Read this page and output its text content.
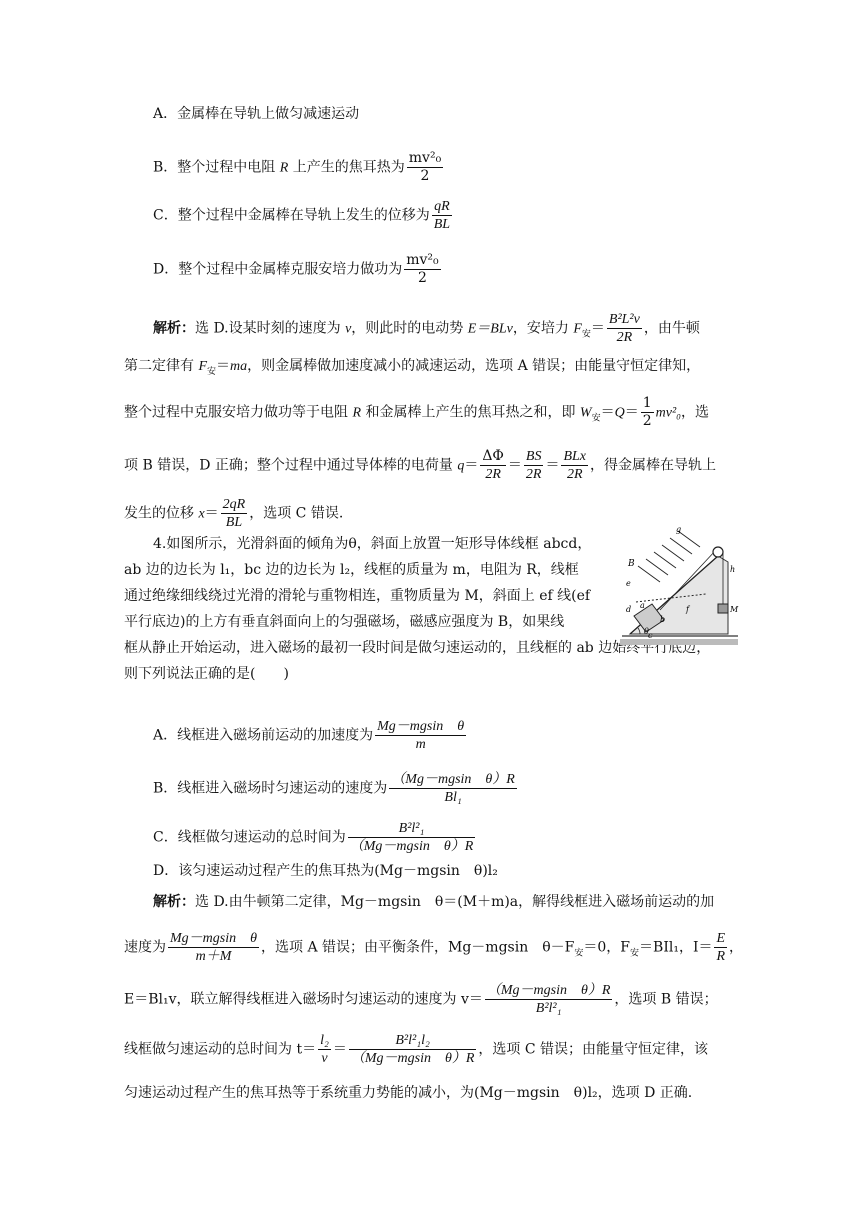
A．金属棒在导轨上做匀减速运动
B．整个过程中电阻 R 上产生的焦耳热为 $\frac{\text{mv²₀}}{2}$
C．整个过程中金属棒在导轨上发生的位移为 $\frac{qR}{BL}$
D．整个过程中金属棒克服安培力做功为 $\frac{\text{mv²₀}}{2}$
解析：选 D.设某时刻的速度为 v，则此时的电动势 E＝BLv，安培力 $F_安= \frac{\text{B²L²v}}{2R}$ ，由牛顿
第二定律有 $F_安=ma$，则金属棒做加速度减小的减速运动，选项 A 错误；由能量守恒定律知，
整个过程中克服安培力做功等于电阻 R 和金属棒上产生的焦耳热之和，即 $W_安=Q= \frac{1}{2} mv^2_0$，选
项 B 错误，D 正确；整个过程中通过导体棒的电荷量 $q= \frac{\Delta\Phi}{2R} = \frac{BS}{2R} = \frac{\text{BLx}}{2R}$ ，得金属棒在导轨上
发生的位移 $x= \frac{2qR}{BL}$ ，选项 C 错误.
4.如图所示，光滑斜面的倾角为θ，斜面上放置一矩形导体线框 abcd，
ab 边的边长为 l₁，bc 边的边长为 l₂，线框的质量为 m，电阻为 R，线框
通过绝缘细线绕过光滑的滑轮与重物相连，重物质量为 M，斜面上 ef 线(ef
平行底边)的上方有垂直斜面向上的匀强磁场，磁感应强度为 B，如果线
框从静止开始运动，进入磁场的最初一段时间是做匀速运动的，且线框的 ab 边始终平行底边，
则下列说法正确的是(　　)
B
g
e
d a
b
c
f
h
M
θ
A．线框进入磁场前运动的加速度为 $\frac{\text{Mg－mgsin　θ}}{m}$
B．线框进入磁场时匀速运动的速度为 $\frac{\text{（Mg－mgsin　θ）R}}{\text{Bl₁}}$
C．线框做匀速运动的总时间为 $\frac{\text{B²l²₁}}{\text{（Mg－mgsin　θ）R}}$
D．该匀速运动过程产生的焦耳热为(Mg－mgsin　θ)l₂
解析：选 D.由牛顿第二定律，Mg－mgsin　θ＝(M＋m)a，解得线框进入磁场前运动的加
速度为 $\frac{\text{Mg－mgsin　θ}}{m+M}$ ，选项 A 错误；由平衡条件，Mg－mgsin　$\theta-F_安=0$，$F_安=BIl_1$，$I= \frac{E}{R}$ ，
E＝Bl₁v，联立解得线框进入磁场时匀速运动的速度为 $v= \frac{\text{（Mg－mgsin　θ）R}}{\text{B²l²₁}}$ ，选项 B 错误；
线框做匀速运动的总时间为 $t= \frac{\text{l₂}}{v} = \frac{\text{B²l²₁l₂}}{\text{（Mg－mgsin　θ）R}}$ ，选项 C 错误；由能量守恒定律，该
匀速运动过程产生的焦耳热等于系统重力势能的减小，为(Mg－mgsin　θ)l₂，选项 D 正确.
